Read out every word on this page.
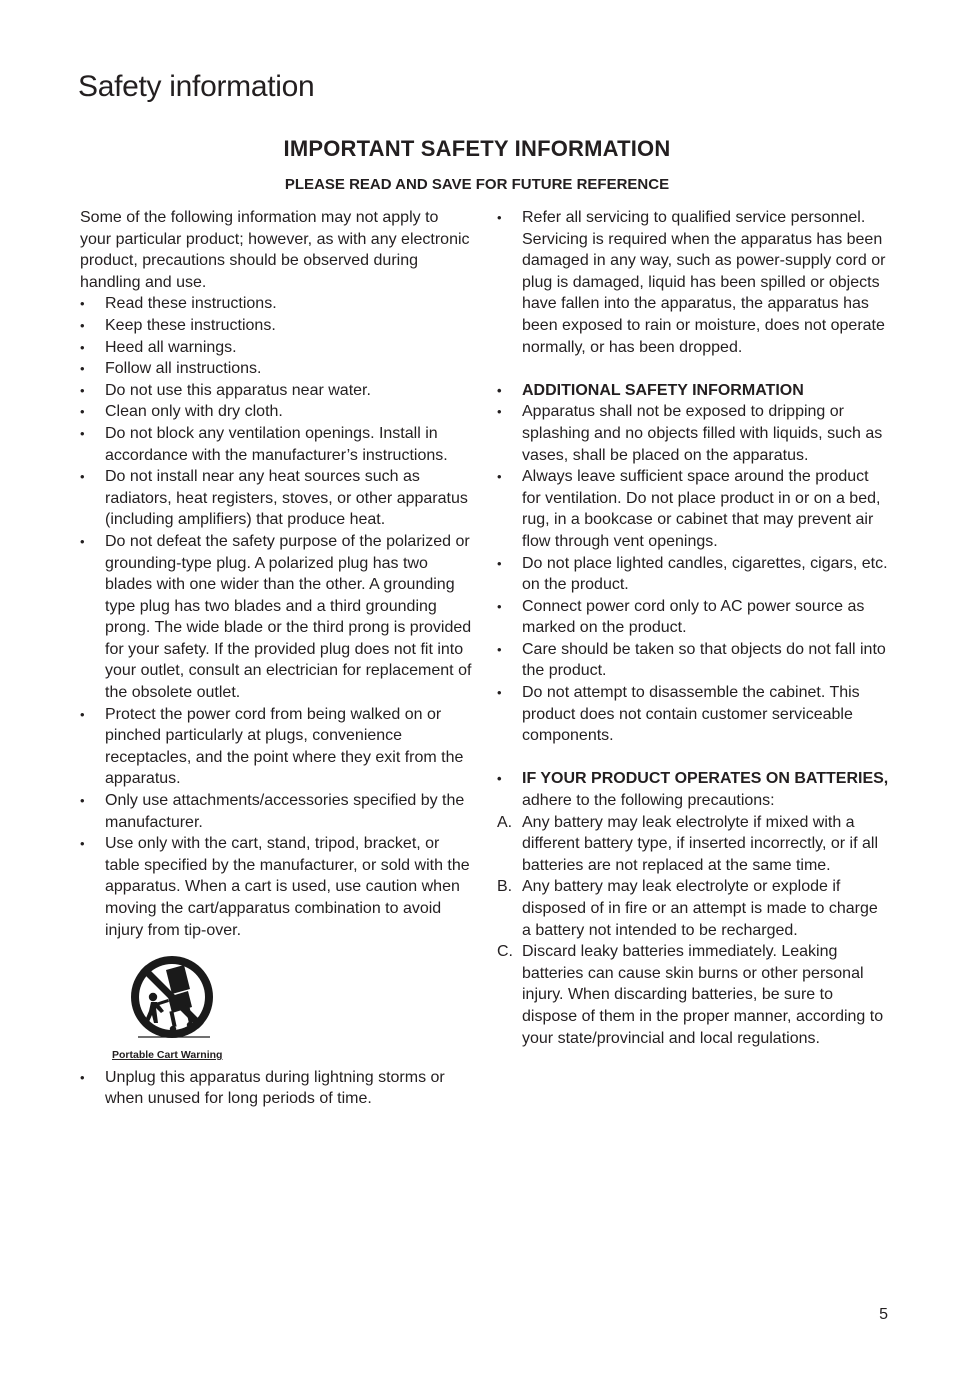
Safety information
IMPORTANT SAFETY INFORMATION
PLEASE READ AND SAVE FOR FUTURE REFERENCE

Some of the following information may not apply to your particular product; however, as with any electronic product, precautions should be observed during handling and use.

•	Read these instructions.
•	Keep these instructions.
•	Heed all warnings.
•	Follow all instructions.
•	Do not use this apparatus near water.
•	Clean only with dry cloth.
•	Do not block any ventilation openings. Install in accordance with the manufacturer’s instructions.
•	Do not install near any heat sources such as radiators, heat registers, stoves, or other apparatus (including amplifiers) that produce heat.
•	Do not defeat the safety purpose of the polarized or grounding-type plug. A polarized plug has two blades with one wider than the other. A grounding type plug has two blades and a third grounding prong. The wide blade or the third prong is provided for your safety. If the provided plug does not fit into your outlet, consult an electrician for replacement of the obsolete outlet.
•	Protect the power cord from being walked on or pinched particularly at plugs, convenience receptacles, and the point where they exit from the apparatus.
•	Only use attachments/accessories specified by the manufacturer.
•	Use only with the cart, stand, tripod, bracket, or table specified by the manufacturer, or sold with the apparatus. When a cart is used, use caution when moving the cart/apparatus combination to avoid injury from tip-over.
Portable Cart Warning
•	Unplug this apparatus during lightning storms or when unused for long periods of time.
•	Refer all servicing to qualified service personnel. Servicing is required when the apparatus has been damaged in any way, such as power-supply cord or plug is damaged, liquid has been spilled or objects have fallen into the apparatus, the apparatus has been exposed to rain or moisture, does not operate normally, or has been dropped.
•	ADDITIONAL SAFETY INFORMATION
•	Apparatus shall not be exposed to dripping or splashing and no objects filled with liquids, such as vases, shall be placed on the apparatus.
•	Always leave sufficient space around the product for ventilation. Do not place product in or on a bed, rug, in a bookcase or cabinet that may prevent air flow through vent openings.
•	Do not place lighted candles, cigarettes, cigars, etc. on the product.
•	Connect power cord only to AC power source as marked on the product.
•	Care should be taken so that objects do not fall into the product.
•	Do not attempt to disassemble the cabinet. This product does not contain customer serviceable components.
•	IF YOUR PRODUCT OPERATES ON BATTERIES,
adhere to the following precautions:
A. Any battery may leak electrolyte if mixed with a different battery type, if inserted incorrectly, or if all batteries are not replaced at the same time.
B. Any battery may leak electrolyte or explode if disposed of in fire or an attempt is made to charge a battery not intended to be recharged.
C. Discard leaky batteries immediately. Leaking batteries can cause skin burns or other personal injury. When discarding batteries, be sure to dispose of them in the proper manner, according to your state/provincial and local regulations.
5
